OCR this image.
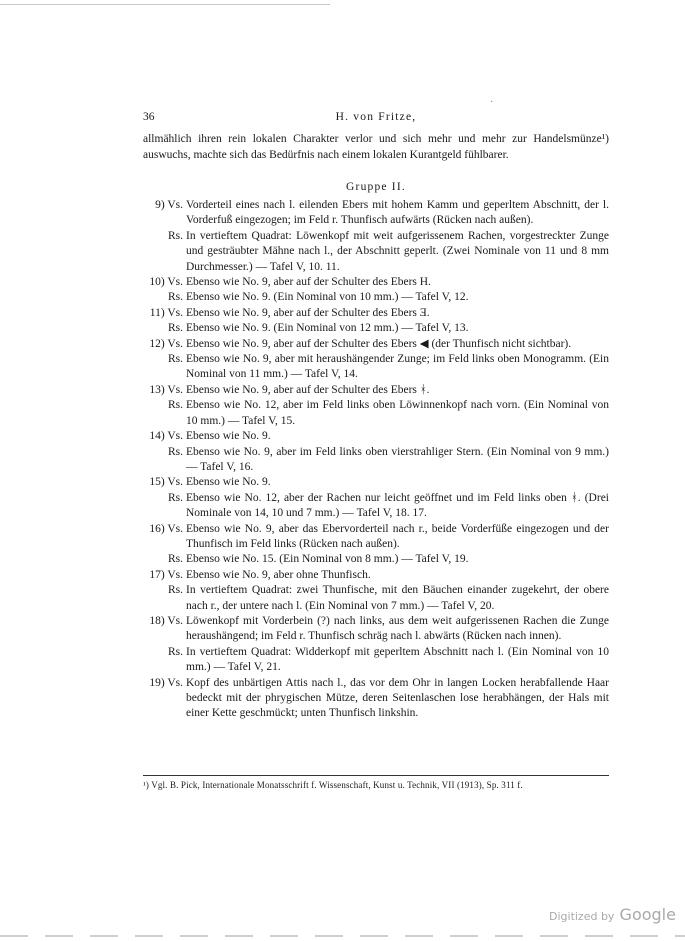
36
·
H. von Fritze,
allmählich ihren rein lokalen Charakter verlor und sich mehr und mehr zur Handelsmünze¹) auswuchs, machte sich das Bedürfnis nach einem lokalen Kurantgeld fühlbarer.
Gruppe II.
9) Vs. Vorderteil eines nach l. eilenden Ebers mit hohem Kamm und geperltem Abschnitt, der l. Vorderfuß eingezogen; im Feld r. Thunfisch aufwärts (Rücken nach außen).
Rs. In vertieftem Quadrat: Löwenkopf mit weit aufgerissenem Rachen, vorgestreckter Zunge und gesträubter Mähne nach l., der Abschnitt geperlt. (Zwei Nominale von 11 und 8 mm Durchmesser.) — Tafel V, 10. 11.
10) Vs. Ebenso wie No. 9, aber auf der Schulter des Ebers H.
Rs. Ebenso wie No. 9. (Ein Nominal von 10 mm.) — Tafel V, 12.
11) Vs. Ebenso wie No. 9, aber auf der Schulter des Ebers Ǝ.
Rs. Ebenso wie No. 9. (Ein Nominal von 12 mm.) — Tafel V, 13.
12) Vs. Ebenso wie No. 9, aber auf der Schulter des Ebers ◀ (der Thunfisch nicht sichtbar).
Rs. Ebenso wie No. 9, aber mit heraushängender Zunge; im Feld links oben Monogramm. (Ein Nominal von 11 mm.) — Tafel V, 14.
13) Vs. Ebenso wie No. 9, aber auf der Schulter des Ebers ᚼ.
Rs. Ebenso wie No. 12, aber im Feld links oben Löwinnenkopf nach vorn. (Ein Nominal von 10 mm.) — Tafel V, 15.
14) Vs. Ebenso wie No. 9.
Rs. Ebenso wie No. 9, aber im Feld links oben vierstrahliger Stern. (Ein Nominal von 9 mm.) — Tafel V, 16.
15) Vs. Ebenso wie No. 9.
Rs. Ebenso wie No. 12, aber der Rachen nur leicht geöffnet und im Feld links oben ᚼ. (Drei Nominale von 14, 10 und 7 mm.) — Tafel V, 18. 17.
16) Vs. Ebenso wie No. 9, aber das Ebervorderteil nach r., beide Vorderfüße eingezogen und der Thunfisch im Feld links (Rücken nach außen).
Rs. Ebenso wie No. 15. (Ein Nominal von 8 mm.) — Tafel V, 19.
17) Vs. Ebenso wie No. 9, aber ohne Thunfisch.
Rs. In vertieftem Quadrat: zwei Thunfische, mit den Bäuchen einander zugekehrt, der obere nach r., der untere nach l. (Ein Nominal von 7 mm.) — Tafel V, 20.
18) Vs. Löwenkopf mit Vorderbein (?) nach links, aus dem weit aufgerissenen Rachen die Zunge heraushängend; im Feld r. Thunfisch schräg nach l. abwärts (Rücken nach innen).
Rs. In vertieftem Quadrat: Widderkopf mit geperltem Abschnitt nach l. (Ein Nominal von 10 mm.) — Tafel V, 21.
19) Vs. Kopf des unbärtigen Attis nach l., das vor dem Ohr in langen Locken herabfallende Haar bedeckt mit der phrygischen Mütze, deren Seitenlaschen lose herabhängen, der Hals mit einer Kette geschmückt; unten Thunfisch linkshin.
¹) Vgl. B. Pick, Internationale Monatsschrift f. Wissenschaft, Kunst u. Technik, VII (1913), Sp. 311 f.
Digitized by Google
